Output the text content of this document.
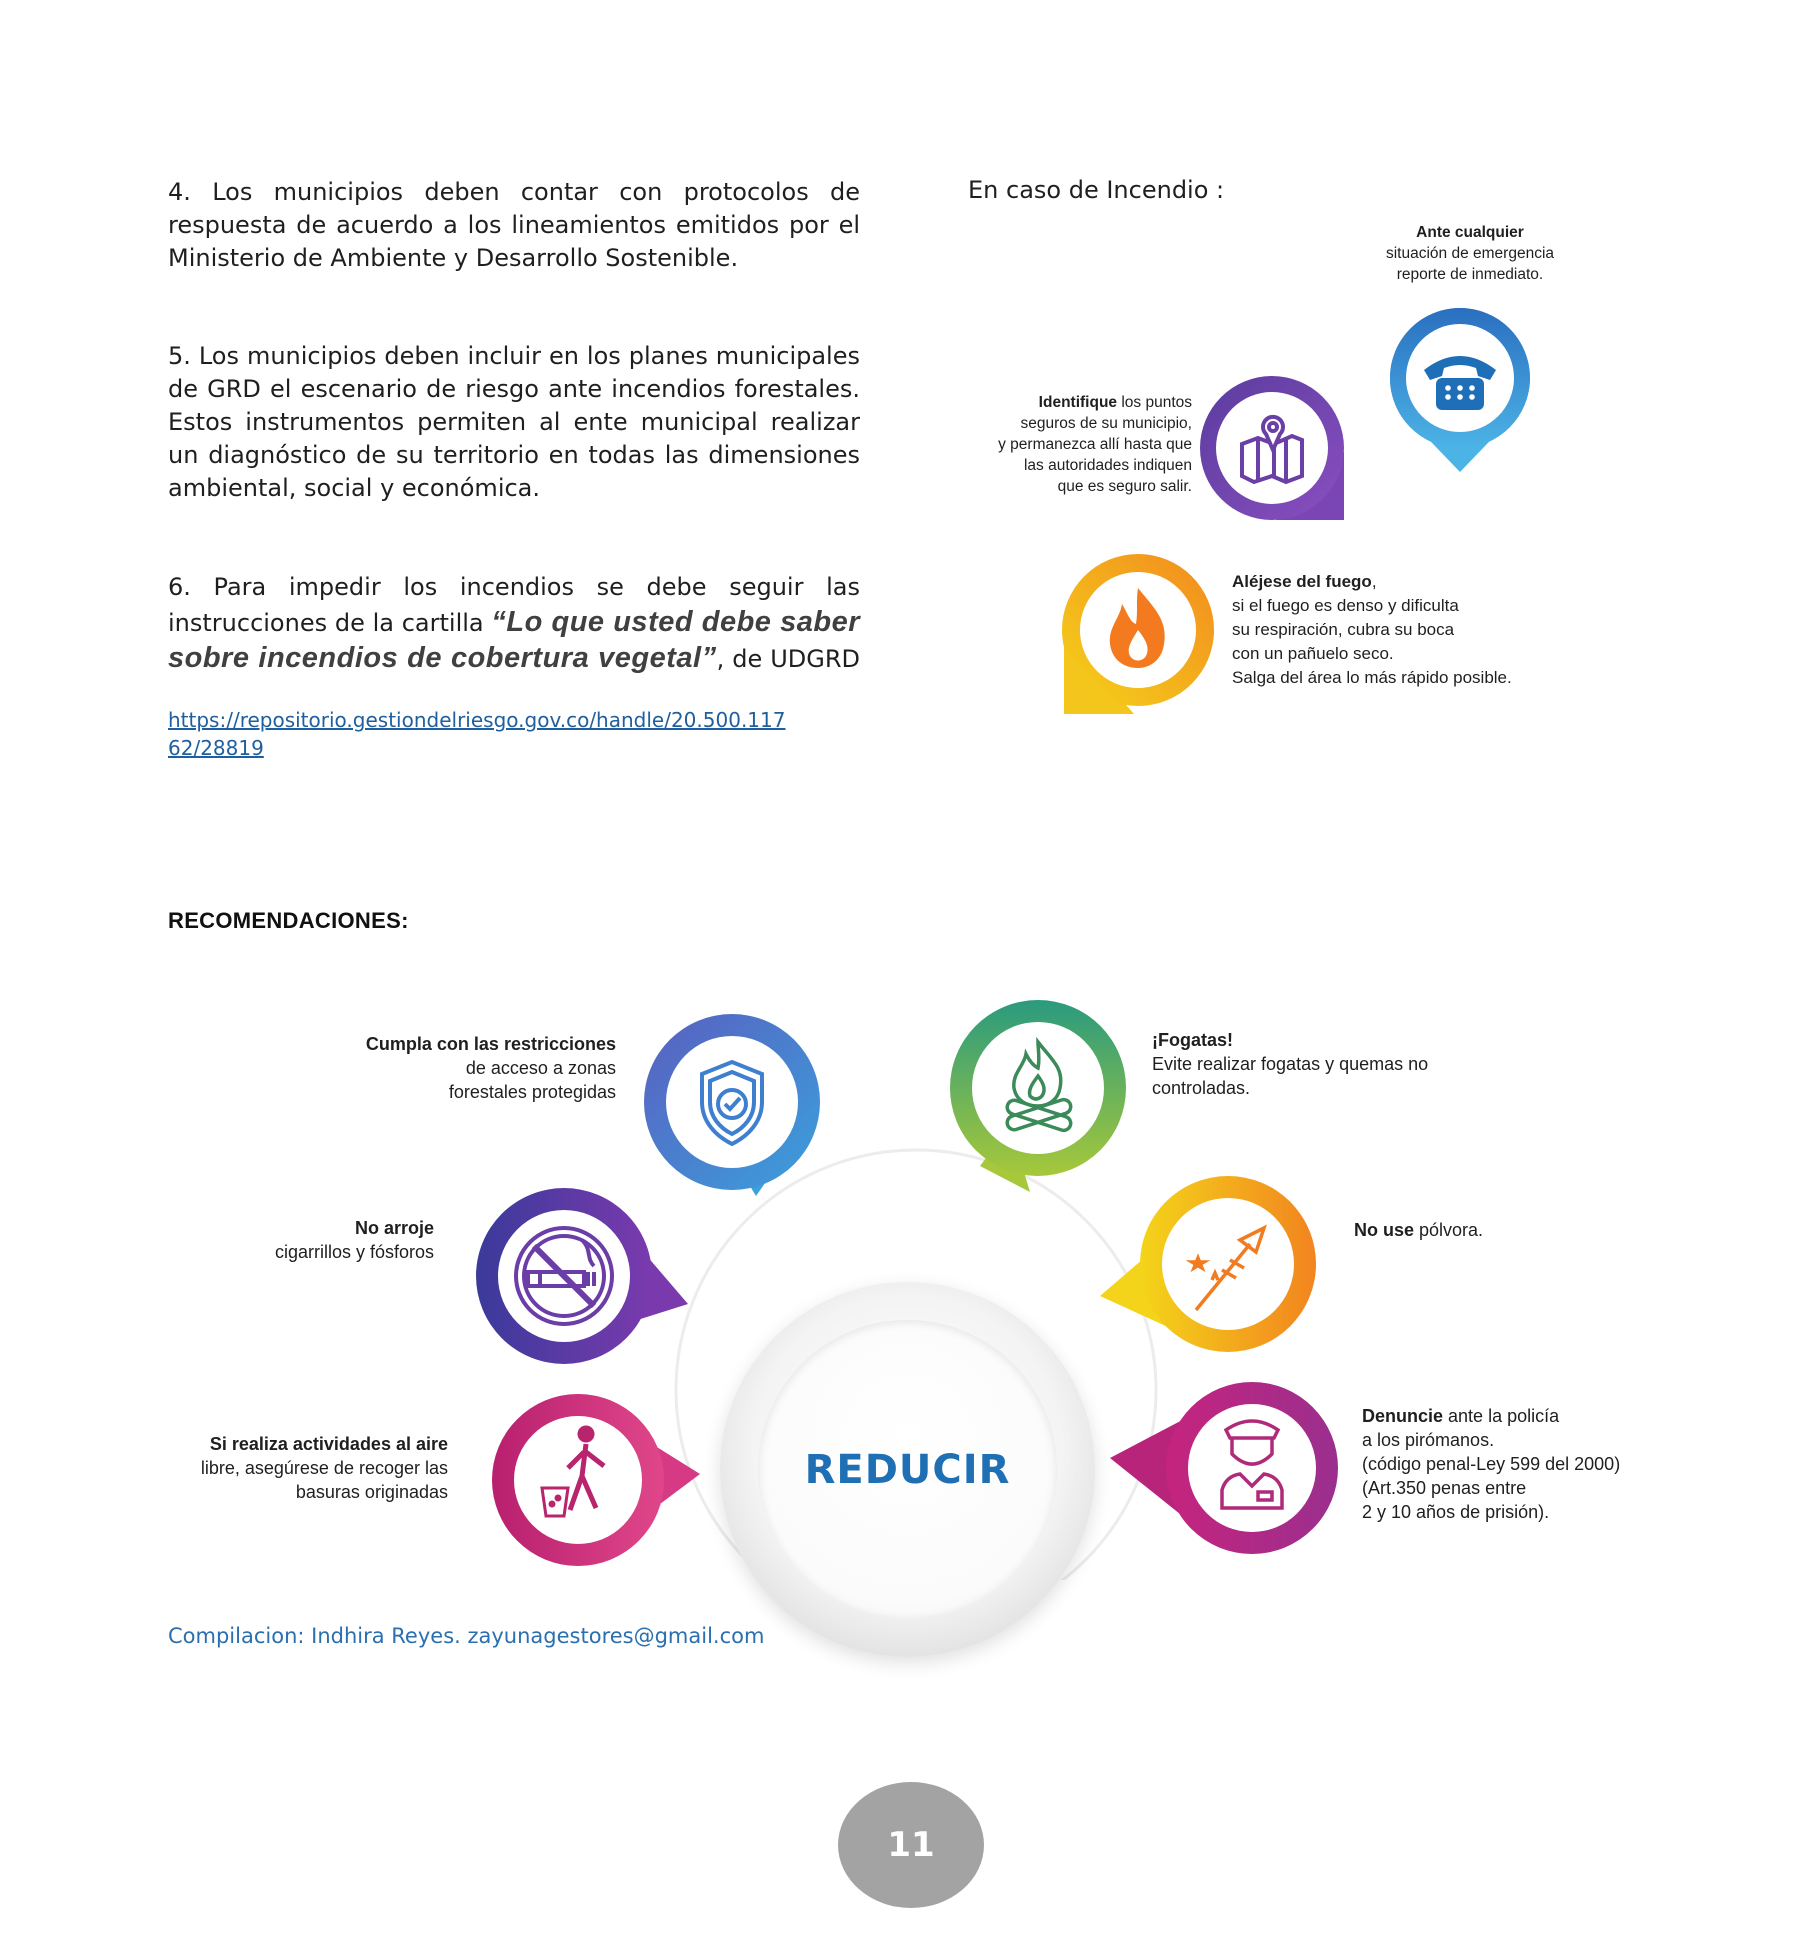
4. Los municipios deben contar con protocolos de respuesta de acuerdo a los lineamientos emitidos por el Ministerio de Ambiente y Desarrollo Sostenible.

5. Los municipios deben incluir en los planes municipales de GRD el escenario de riesgo ante incendios forestales. Estos instrumentos permiten al ente municipal realizar un diagnóstico de su territorio en todas las dimensiones ambiental, social y económica.

6. Para impedir los incendios se debe seguir las instrucciones de la cartilla “Lo que usted debe saber sobre incendios de cobertura vegetal”, de UDGRD

https://repositorio.gestiondelriesgo.gov.co/handle/20.500.117
62/28819
En caso de Incendio :
Ante cualquier
situación de emergencia
reporte de inmediato.
Identifique los puntos
seguros de su municipio,
y permanezca allí hasta que
las autoridades indiquen
que es seguro salir.
Aléjese del fuego,
si el fuego es denso y dificulta
su respiración, cubra su boca
con un pañuelo seco.
Salga del área lo más rápido posible.
RECOMENDACIONES:
REDUCIR
Cumpla con las restricciones
de acceso a zonas
forestales protegidas
¡Fogatas!
Evite realizar fogatas y quemas no
controladas.
No arroje
cigarrillos y fósforos
No use pólvora.
Si realiza actividades al aire
libre, asegúrese de recoger las
basuras originadas
Denuncie ante la policía
a los pirómanos.
(código penal-Ley 599 del 2000)
(Art.350 penas entre
2 y 10 años de prisión).
Compilacion: Indhira Reyes. zayunagestores@gmail.com
11
